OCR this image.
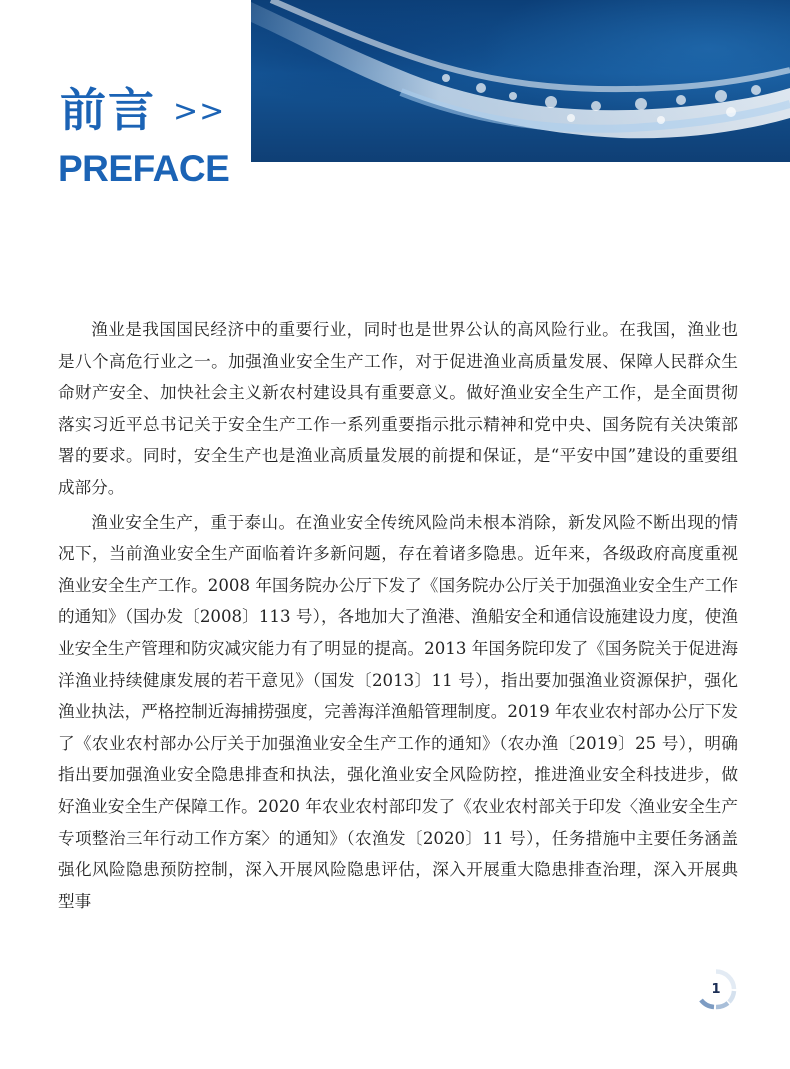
前言 >>
PREFACE

渔业是我国国民经济中的重要行业，同时也是世界公认的高风险行业。在我国，渔业也是八个高危行业之一。加强渔业安全生产工作，对于促进渔业高质量发展、保障人民群众生命财产安全、加快社会主义新农村建设具有重要意义。做好渔业安全生产工作，是全面贯彻落实习近平总书记关于安全生产工作一系列重要指示批示精神和党中央、国务院有关决策部署的要求。同时，安全生产也是渔业高质量发展的前提和保证，是“平安中国”建设的重要组成部分。

渔业安全生产，重于泰山。在渔业安全传统风险尚未根本消除，新发风险不断出现的情况下，当前渔业安全生产面临着许多新问题，存在着诸多隐患。近年来，各级政府高度重视渔业安全生产工作。2008 年国务院办公厅下发了《国务院办公厅关于加强渔业安全生产工作的通知》（国办发〔2008〕113 号），各地加大了渔港、渔船安全和通信设施建设力度，使渔业安全生产管理和防灾减灾能力有了明显的提高。2013 年国务院印发了《国务院关于促进海洋渔业持续健康发展的若干意见》（国发〔2013〕11 号），指出要加强渔业资源保护，强化渔业执法，严格控制近海捕捞强度，完善海洋渔船管理制度。2019 年农业农村部办公厅下发了《农业农村部办公厅关于加强渔业安全生产工作的通知》（农办渔〔2019〕25 号），明确指出要加强渔业安全隐患排查和执法，强化渔业安全风险防控，推进渔业安全科技进步，做好渔业安全生产保障工作。2020 年农业农村部印发了《农业农村部关于印发〈渔业安全生产专项整治三年行动工作方案〉的通知》（农渔发〔2020〕11 号），任务措施中主要任务涵盖强化风险隐患预防控制，深入开展风险隐患评估，深入开展重大隐患排查治理，深入开展典型事

1
